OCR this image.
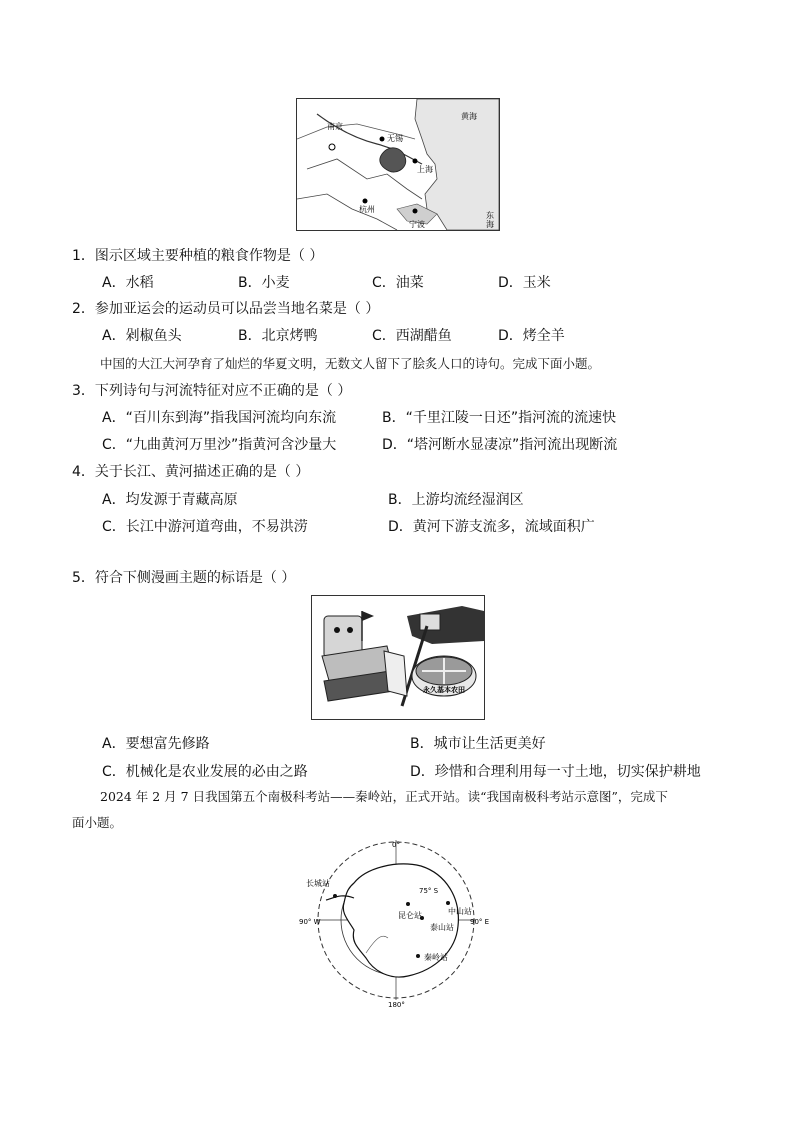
黄海
南京
无锡
上海
杭州
宁波
东
海
1．图示区域主要种植的粮食作物是（ ）
A．水稻	B．小麦	C．油菜	D．玉米
2．参加亚运会的运动员可以品尝当地名菜是（ ）
A．剁椒鱼头	B．北京烤鸭	C．西湖醋鱼	D．烤全羊
中国的大江大河孕育了灿烂的华夏文明，无数文人留下了脍炙人口的诗句。完成下面小题。
3．下列诗句与河流特征对应不正确的是（ ）
A．“百川东到海”指我国河流均向东流	B．“千里江陵一日还”指河流的流速快
C．“九曲黄河万里沙”指黄河含沙量大	D．“塔河断水显凄凉”指河流出现断流
4．关于长江、黄河描述正确的是（ ）
A．均发源于青藏高原	B．上游均流经湿润区
C．长江中游河道弯曲，不易洪涝	D．黄河下游支流多，流域面积广
5．符合下侧漫画主题的标语是（ ）
永久基本农田
A．要想富先修路	B．城市让生活更美好
C．机械化是农业发展的必由之路	D．珍惜和合理利用每一寸土地，切实保护耕地
2024 年 2 月 7 日我国第五个南极科考站——秦岭站，正式开站。读“我国南极科考站示意图”，完成下
面小题。
0°
长城站
75° S
中山站
昆仑站
泰山站
90° W	90° E
秦岭站
180°
